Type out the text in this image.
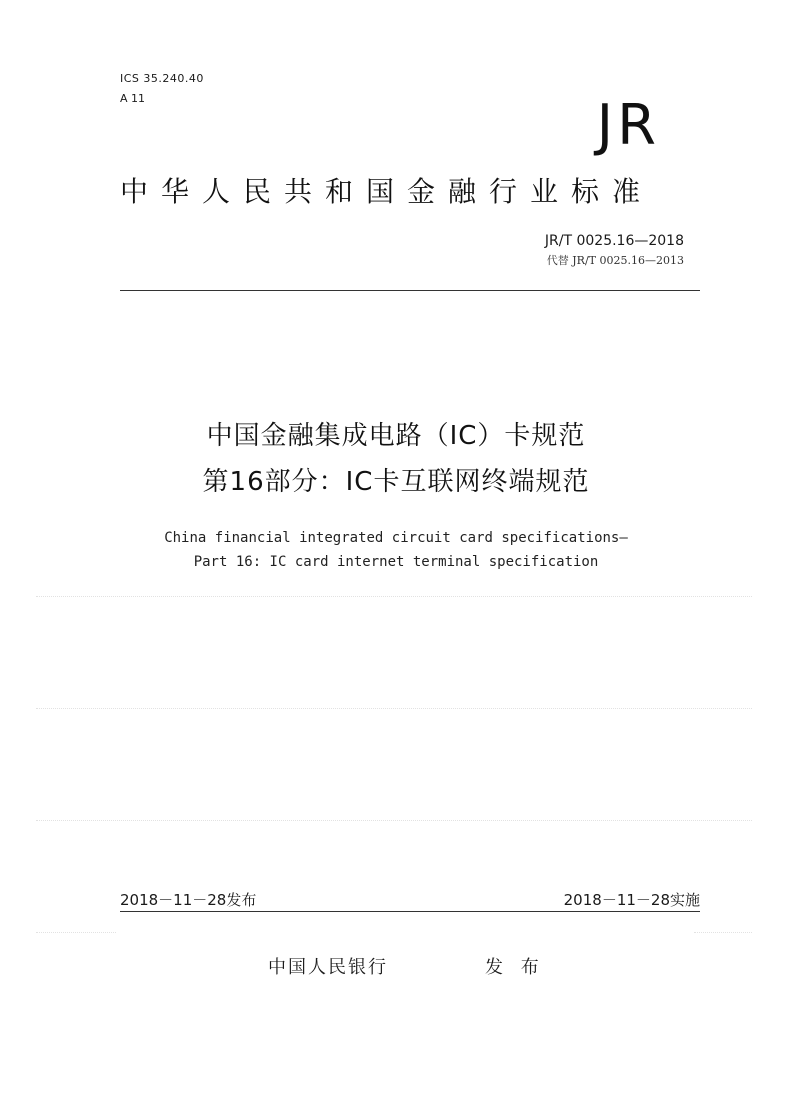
ICS 35.240.40
A 11	JR
中华人民共和国金融行业标准
JR/T 0025.16—2018
代替 JR/T 0025.16—2013
中国金融集成电路（IC）卡规范
第16部分：IC卡互联网终端规范
China financial integrated circuit card specifications—
Part 16: IC card internet terminal specification
2018－11－28发布	2018－11－28实施
中国人民银行	发 布
